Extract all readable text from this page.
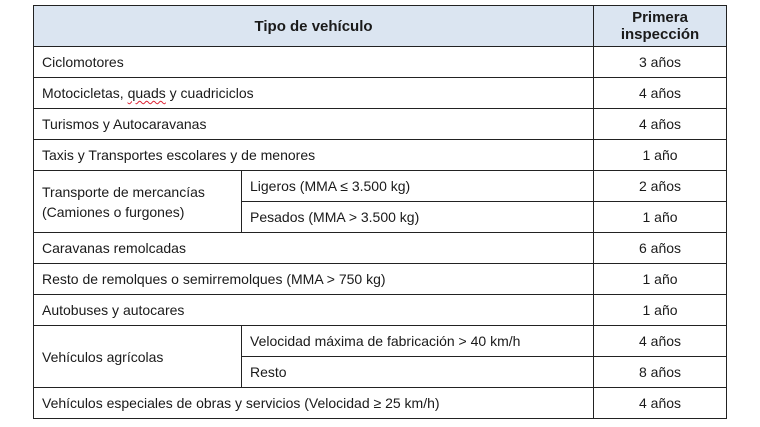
Tipo de vehículo		Primera
inspección
Ciclomotores		3 años
Motocicletas, quads y cuadriciclos		4 años
Turismos y Autocaravanas		4 años
Taxis y Transportes escolares y de menores		1 año
Transporte de mercancías
(Camiones o furgones)	Ligeros (MMA ≤ 3.500 kg)	2 años
	Pesados (MMA > 3.500 kg)	1 año
Caravanas remolcadas		6 años
Resto de remolques o semirremolques (MMA > 750 kg)		1 año
Autobuses y autocares		1 año
Vehículos agrícolas	Velocidad máxima de fabricación > 40 km/h	4 años
	Resto	8 años
Vehículos especiales de obras y servicios (Velocidad ≥ 25 km/h)		4 años
